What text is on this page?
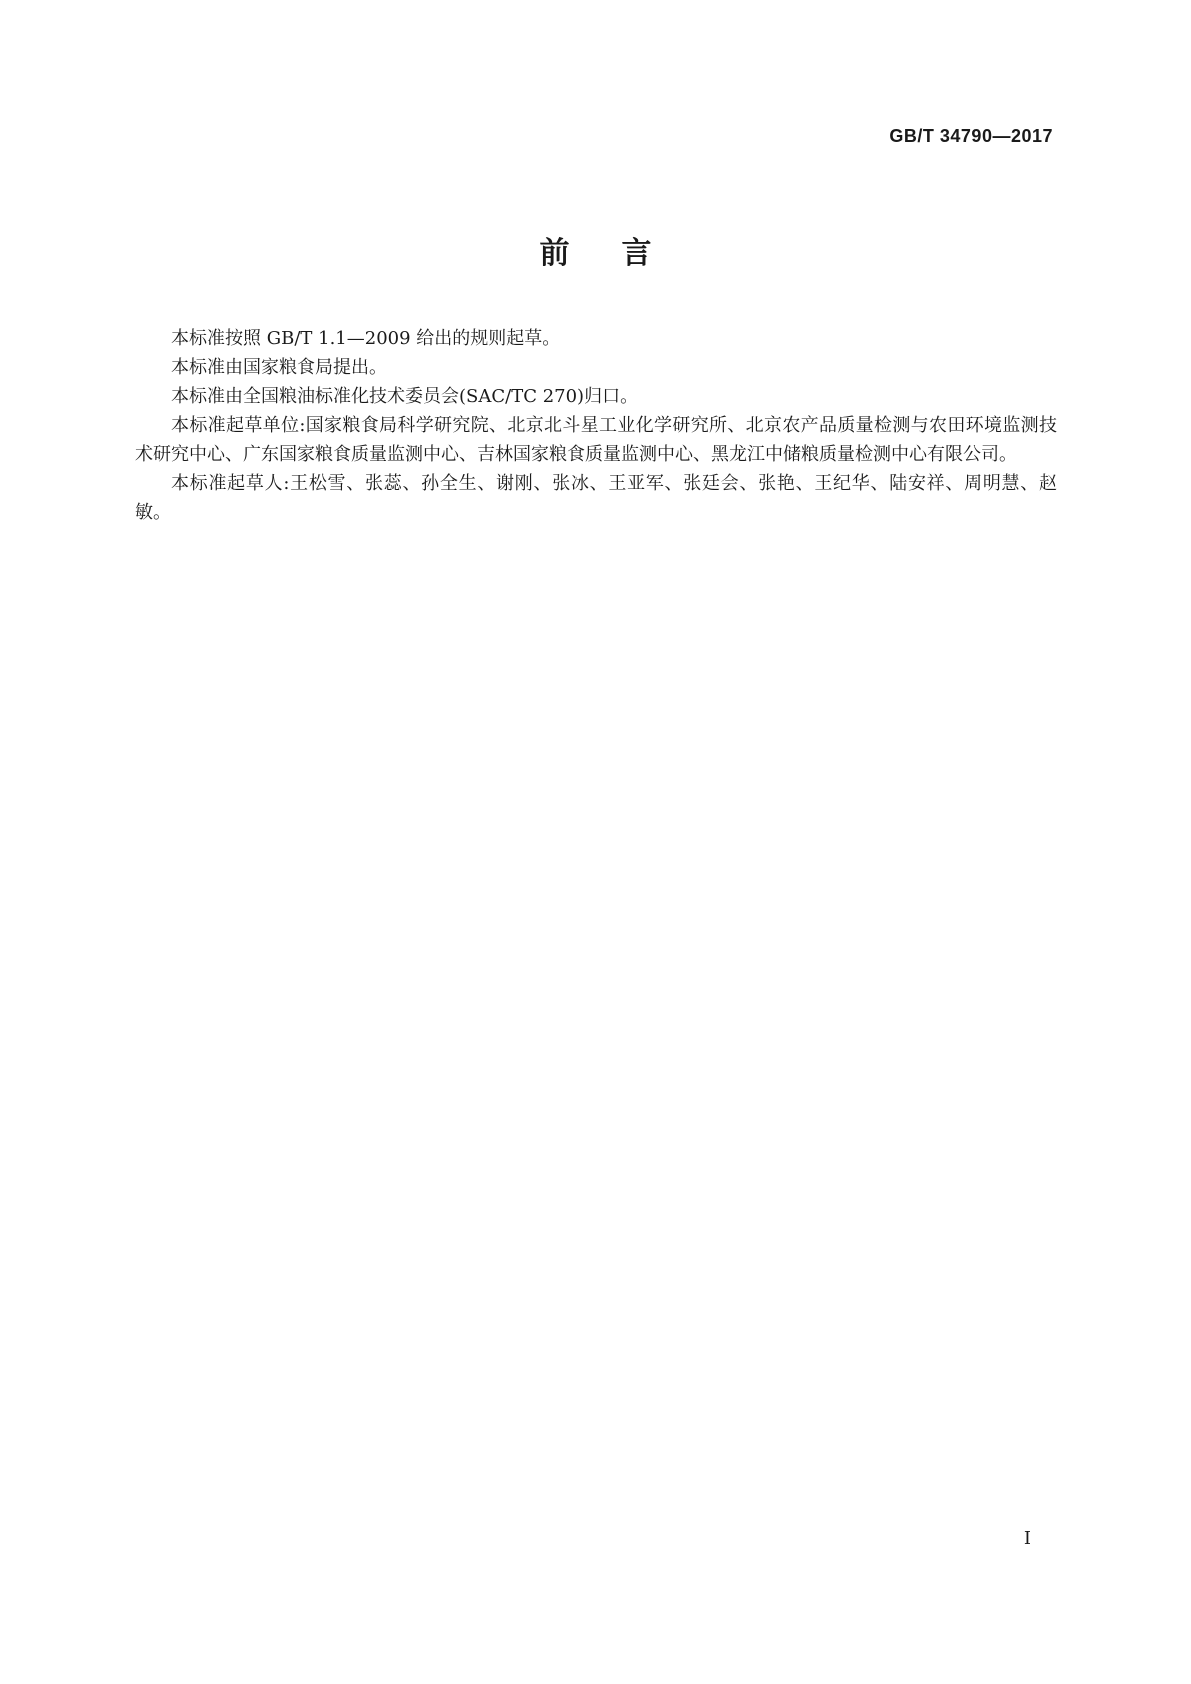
GB/T 34790—2017
前言

本标准按照 GB/T 1.1—2009 给出的规则起草。

本标准由国家粮食局提出。

本标准由全国粮油标准化技术委员会(SAC/TC 270)归口。

本标准起草单位:国家粮食局科学研究院、北京北斗星工业化学研究所、北京农产品质量检测与农田环境监测技术研究中心、广东国家粮食质量监测中心、吉林国家粮食质量监测中心、黑龙江中储粮质量检测中心有限公司。

本标准起草人:王松雪、张蕊、孙全生、谢刚、张冰、王亚军、张廷会、张艳、王纪华、陆安祥、周明慧、赵敏。

I
